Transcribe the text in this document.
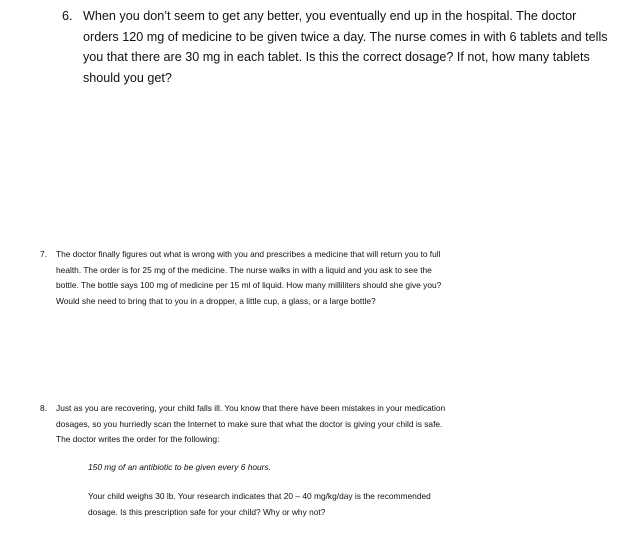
6. When you don’t seem to get any better, you eventually end up in the hospital. The doctor orders 120 mg of medicine to be given twice a day. The nurse comes in with 6 tablets and tells you that there are 30 mg in each tablet. Is this the correct dosage? If not, how many tablets should you get?
7. The doctor finally figures out what is wrong with you and prescribes a medicine that will return you to full health. The order is for 25 mg of the medicine. The nurse walks in with a liquid and you ask to see the bottle. The bottle says 100 mg of medicine per 15 ml of liquid. How many milliliters should she give you? Would she need to bring that to you in a dropper, a little cup, a glass, or a large bottle?
8. Just as you are recovering, your child falls ill. You know that there have been mistakes in your medication dosages, so you hurriedly scan the Internet to make sure that what the doctor is giving your child is safe. The doctor writes the order for the following:
150 mg of an antibiotic to be given every 6 hours.
Your child weighs 30 lb. Your research indicates that 20 – 40 mg/kg/day is the recommended dosage. Is this prescription safe for your child? Why or why not?
